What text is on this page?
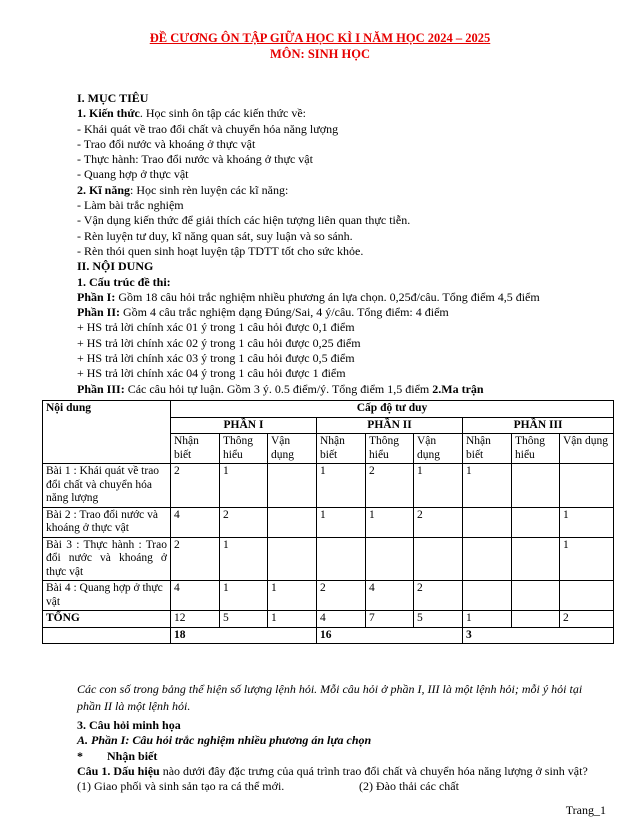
ĐỀ CƯƠNG ÔN TẬP GIỮA HỌC KÌ I NĂM HỌC 2024 – 2025
MÔN: SINH HỌC
I. MỤC TIÊU
1. Kiến thức. Học sinh ôn tập các kiến thức về:
- Khái quát về trao đổi chất và chuyển hóa năng lượng
- Trao đổi nước và khoáng ở thực vật
- Thực hành: Trao đổi nước và khoáng ở thực vật
- Quang hợp ở thực vật
2. Kĩ năng: Học sinh rèn luyện các kĩ năng:
- Làm bài trắc nghiệm
- Vận dụng kiến thức để giải thích các hiện tượng liên quan thực tiễn.
- Rèn luyện tư duy, kĩ năng quan sát, suy luận và so sánh.
- Rèn thói quen sinh hoạt luyện tập TDTT tốt cho sức khỏe.
II. NỘI DUNG
1. Cấu trúc đề thi:
Phần I: Gồm 18 câu hỏi trắc nghiệm nhiều phương án lựa chọn. 0,25đ/câu. Tổng điểm 4,5 điểm
Phần II: Gồm 4 câu trắc nghiệm dạng Đúng/Sai, 4 ý/câu. Tổng điểm: 4 điểm
+ HS trả lời chính xác 01 ý trong 1 câu hỏi được 0,1 điểm
+ HS trả lời chính xác 02 ý trong 1 câu hỏi được 0,25 điểm
+ HS trả lời chính xác 03 ý trong 1 câu hỏi được 0,5 điểm
+ HS trả lời chính xác 04 ý trong 1 câu hỏi được 1 điểm
Phần III: Các câu hỏi tự luận. Gồm 3 ý. 0.5 điểm/ý. Tổng điểm 1,5 điểm 2.Ma trận
Nội dung	Cấp độ tư duy								
	PHẦN I			PHẦN II			PHẦN III		
	Nhận biết	Thông hiểu	Vận dụng	Nhận biết	Thông hiểu	Vận dụng	Nhận biết	Thông hiểu	Vận dụng
Bài 1 : Khái quát về trao đổi chất và chuyển hóa năng lượng	2	1		1	2	1	1		
Bài 2 : Trao đổi nước và khoáng ở thực vật	4	2		1	1	2			1
Bài 3 : Thực hành : Trao đổi nước và khoáng ở thực vật	2	1							1
Bài 4 : Quang hợp ở thực vật	4	1	1	2	4	2			
TỔNG	12	5	1	4	7	5	1		2
	18			16			3		
Các con số trong bảng thể hiện số lượng lệnh hỏi. Mỗi câu hỏi ở phần I, III là một lệnh hỏi; mỗi ý hỏi tại phần II là một lệnh hỏi.
3. Câu hỏi minh họa
A. Phần I: Câu hỏi trắc nghiệm nhiều phương án lựa chọn
* Nhận biết
Câu 1. Dấu hiệu nào dưới đây đặc trưng của quá trình trao đổi chất và chuyển hóa năng lượng ở sinh vật?
(1) Giao phối và sinh sản tạo ra cá thể mới.	(2) Đào thải các chất
Trang_1
